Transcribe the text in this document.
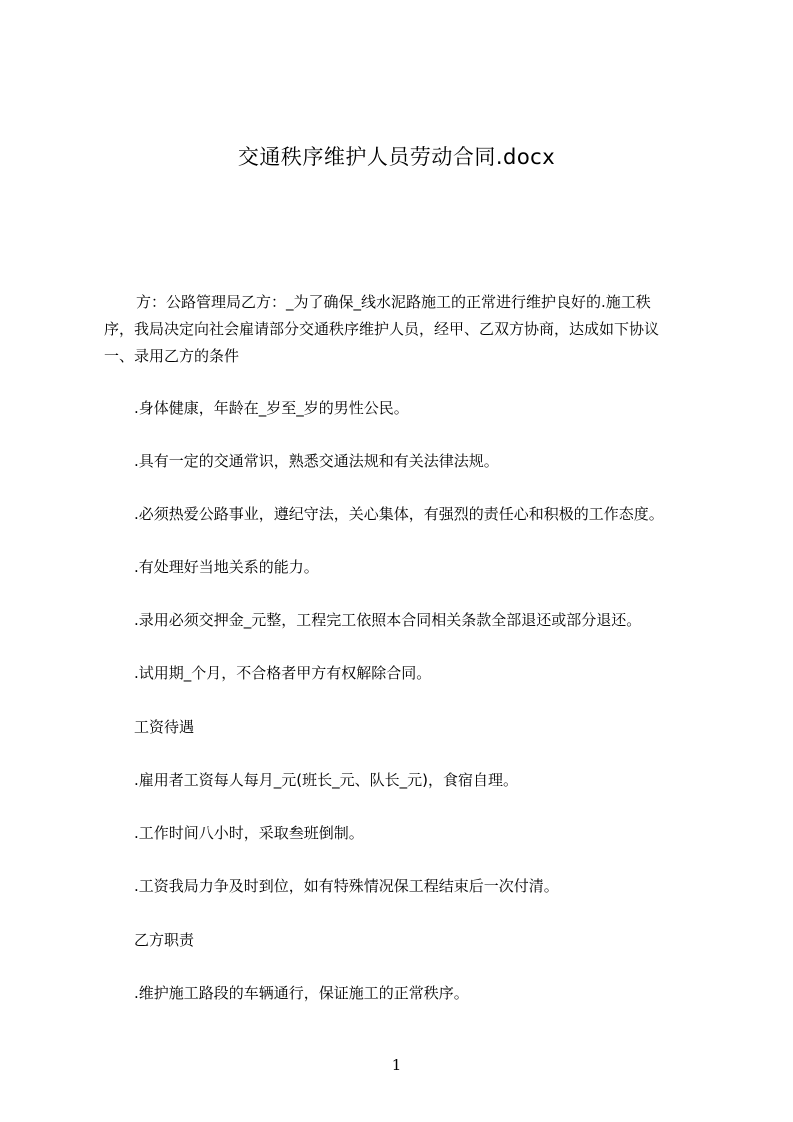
交通秩序维护人员劳动合同.docx
方：公路管理局乙方：_为了确保_线水泥路施工的正常进行维护良好的.施工秩
序，我局决定向社会雇请部分交通秩序维护人员，经甲、乙双方协商，达成如下协议
一、录用乙方的条件
.身体健康，年龄在_岁至_岁的男性公民。
.具有一定的交通常识，熟悉交通法规和有关法律法规。
.必须热爱公路事业，遵纪守法，关心集体，有强烈的责任心和积极的工作态度。
.有处理好当地关系的能力。
.录用必须交押金_元整，工程完工依照本合同相关条款全部退还或部分退还。
.试用期_个月，不合格者甲方有权解除合同。
工资待遇
.雇用者工资每人每月_元(班长_元、队长_元)，食宿自理。
.工作时间八小时，采取叁班倒制。
.工资我局力争及时到位，如有特殊情况保工程结束后一次付清。
乙方职责
.维护施工路段的车辆通行，保证施工的正常秩序。
1
